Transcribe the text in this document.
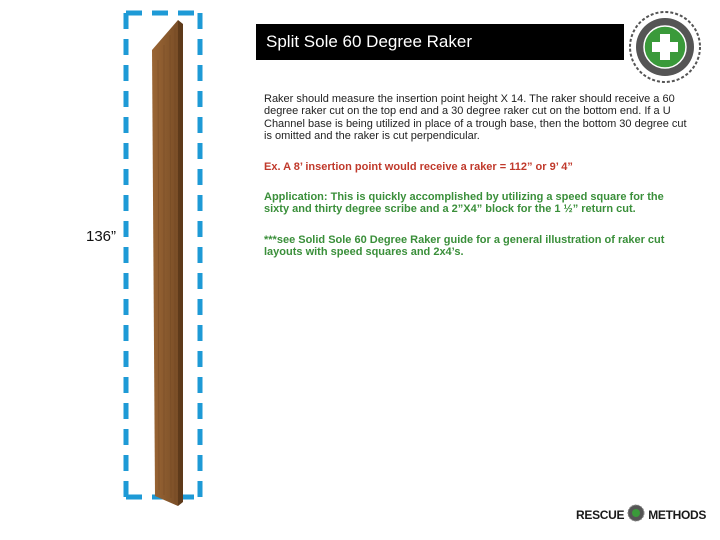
136”
Split Sole 60 Degree Raker

Raker should measure the insertion point height X 14. The raker should receive a 60 degree raker cut on the top end and a 30 degree raker cut on the bottom end. If a U Channel base is being utilized in place of a trough base, then the bottom 30 degree cut is omitted and the raker is cut perpendicular.

Ex. A 8’ insertion point would receive a raker = 112” or 9’ 4”

Application: This is quickly accomplished by utilizing a speed square for the sixty and thirty degree scribe and a 2”X4” block for the 1 ½” return cut.

***see Solid Sole 60 Degree Raker guide for a general illustration of raker cut layouts with speed squares and 2x4’s.

RESCUE METHODS
